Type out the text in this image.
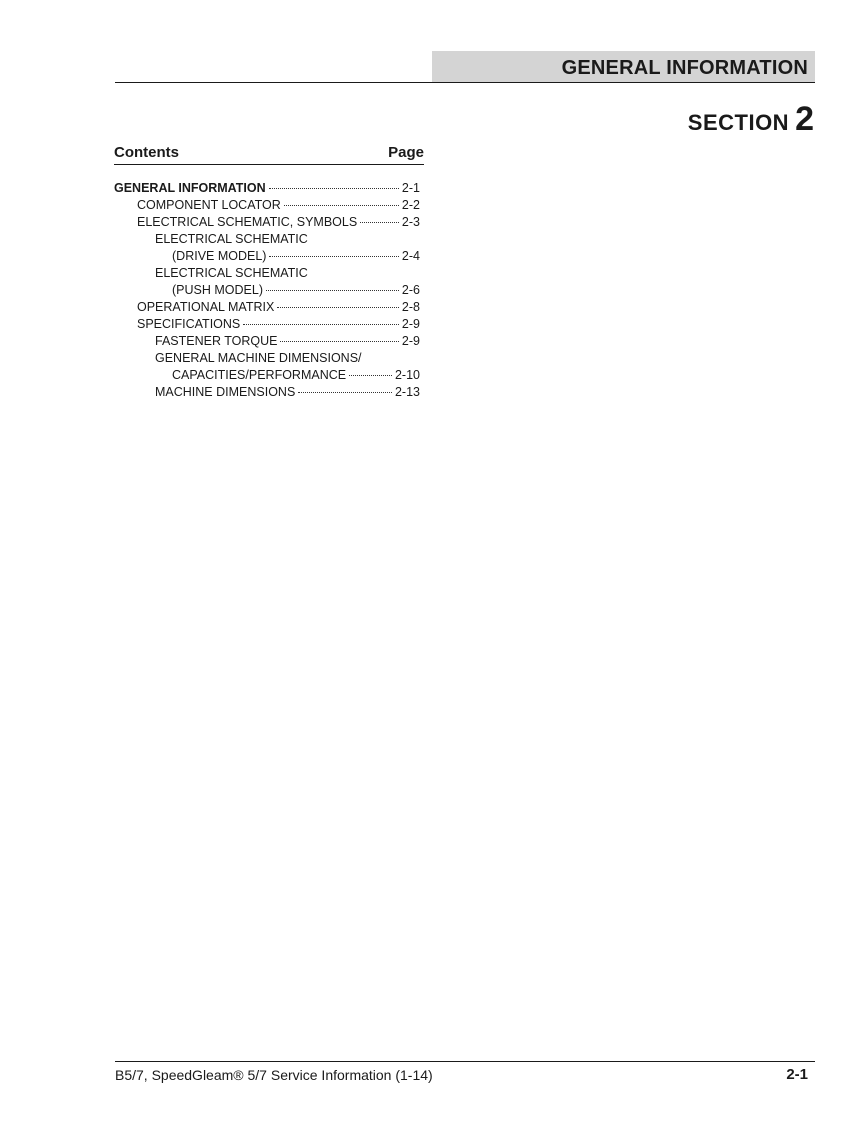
GENERAL INFORMATION
SECTION 2
Contents	Page
GENERAL INFORMATION	2-1
COMPONENT LOCATOR	2-2
ELECTRICAL SCHEMATIC, SYMBOLS	2-3
ELECTRICAL SCHEMATIC
(DRIVE MODEL)	2-4
ELECTRICAL SCHEMATIC
(PUSH MODEL)	2-6
OPERATIONAL MATRIX	2-8
SPECIFICATIONS	2-9
FASTENER TORQUE	2-9
GENERAL MACHINE DIMENSIONS/
CAPACITIES/PERFORMANCE	2-10
MACHINE DIMENSIONS	2-13
B5/7, SpeedGleam® 5/7 Service Information (1-14)	2-1
